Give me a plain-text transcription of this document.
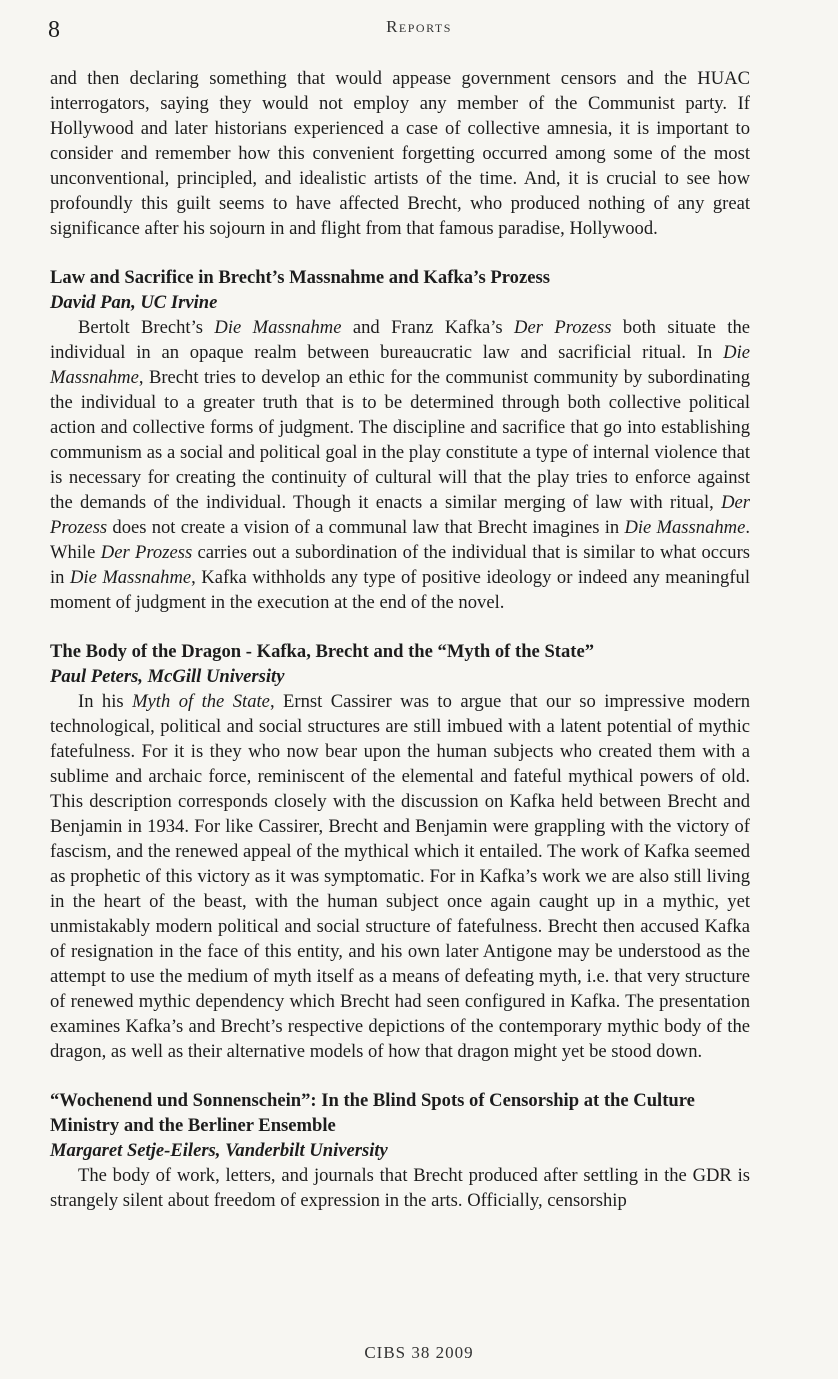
8	Reports

and then declaring something that would appease government censors and the HUAC interrogators, saying they would not employ any member of the Communist party. If Hollywood and later historians experienced a case of collective amnesia, it is important to consider and remember how this convenient forgetting occurred among some of the most unconventional, principled, and idealistic artists of the time. And, it is crucial to see how profoundly this guilt seems to have affected Brecht, who produced nothing of any great significance after his sojourn in and flight from that famous paradise, Hollywood.

Law and Sacrifice in Brecht’s Massnahme and Kafka’s Prozess
David Pan, UC Irvine

Bertolt Brecht’s Die Massnahme and Franz Kafka’s Der Prozess both situate the individual in an opaque realm between bureaucratic law and sacrificial ritual. In Die Massnahme, Brecht tries to develop an ethic for the communist community by subordinating the individual to a greater truth that is to be determined through both collective political action and collective forms of judgment. The discipline and sacrifice that go into establishing communism as a social and political goal in the play constitute a type of internal violence that is necessary for creating the continuity of cultural will that the play tries to enforce against the demands of the individual. Though it enacts a similar merging of law with ritual, Der Prozess does not create a vision of a communal law that Brecht imagines in Die Massnahme. While Der Prozess carries out a subordination of the individual that is similar to what occurs in Die Massnahme, Kafka withholds any type of positive ideology or indeed any meaningful moment of judgment in the execution at the end of the novel.

The Body of the Dragon - Kafka, Brecht and the “Myth of the State”
Paul Peters, McGill University

In his Myth of the State, Ernst Cassirer was to argue that our so impressive modern technological, political and social structures are still imbued with a latent potential of mythic fatefulness. For it is they who now bear upon the human subjects who created them with a sublime and archaic force, reminiscent of the elemental and fateful mythical powers of old. This description corresponds closely with the discussion on Kafka held between Brecht and Benjamin in 1934. For like Cassirer, Brecht and Benjamin were grappling with the victory of fascism, and the renewed appeal of the mythical which it entailed. The work of Kafka seemed as prophetic of this victory as it was symptomatic. For in Kafka’s work we are also still living in the heart of the beast, with the human subject once again caught up in a mythic, yet unmistakably modern political and social structure of fatefulness. Brecht then accused Kafka of resignation in the face of this entity, and his own later Antigone may be understood as the attempt to use the medium of myth itself as a means of defeating myth, i.e. that very structure of renewed mythic dependency which Brecht had seen configured in Kafka. The presentation examines Kafka’s and Brecht’s respective depictions of the contemporary mythic body of the dragon, as well as their alternative models of how that dragon might yet be stood down.

“Wochenend und Sonnenschein”: In the Blind Spots of Censorship at the Culture Ministry and the Berliner Ensemble
Margaret Setje-Eilers, Vanderbilt University

The body of work, letters, and journals that Brecht produced after settling in the GDR is strangely silent about freedom of expression in the arts. Officially, censorship

CIBS 38 2009
